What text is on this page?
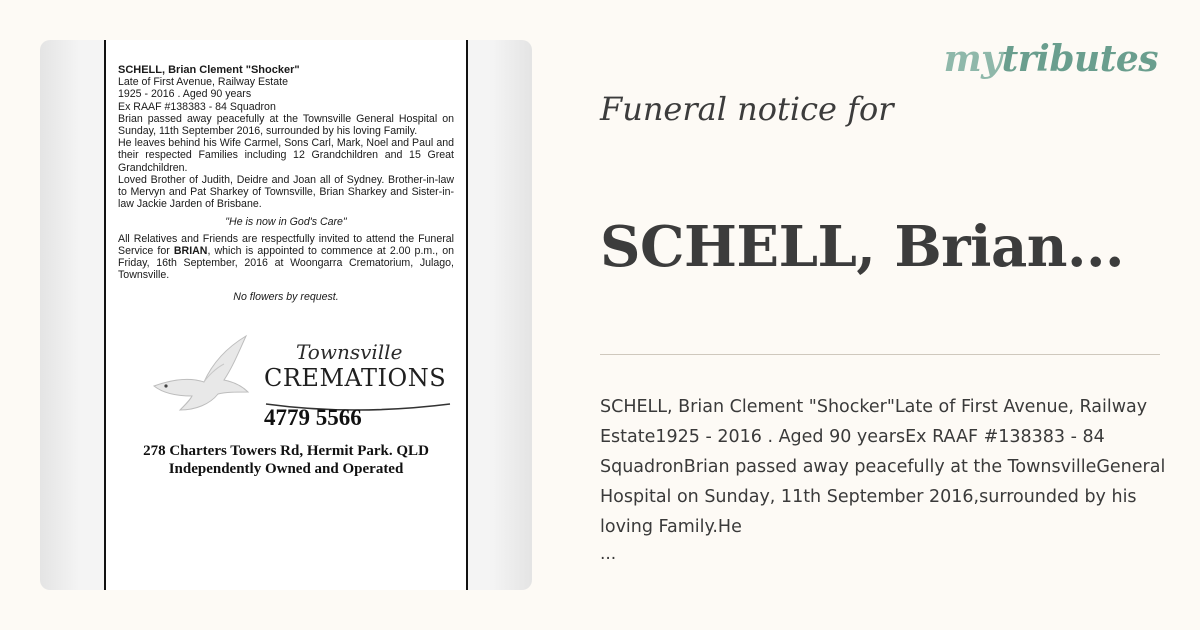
SCHELL, Brian Clement "Shocker"
Late of First Avenue, Railway Estate
1925 - 2016 . Aged 90 years
Ex RAAF #138383 - 84 Squadron
Brian passed away peacefully at the Townsville General Hospital on Sunday, 11th September 2016, surrounded by his loving Family.
He leaves behind his Wife Carmel, Sons Carl, Mark, Noel and Paul and their respected Families including 12 Grandchildren and 15 Great Grandchildren.
Loved Brother of Judith, Deidre and Joan all of Sydney. Brother-in-law to Mervyn and Pat Sharkey of Townsville, Brian Sharkey and Sister-in-law Jackie Jarden of Brisbane.
"He is now in God's Care"
All Relatives and Friends are respectfully invited to attend the Funeral Service for BRIAN, which is appointed to commence at 2.00 p.m., on Friday, 16th September, 2016 at Woongarra Crematorium, Julago, Townsville.
No flowers by request.
Townsville
CREMATIONS
4779 5566
278 Charters Towers Rd, Hermit Park. QLD
Independently Owned and Operated
mytributes
Funeral notice for
SCHELL, Brian...
SCHELL, Brian Clement "Shocker"Late of First Avenue, Railway Estate1925 - 2016 . Aged 90 yearsEx RAAF #138383 - 84 SquadronBrian passed away peacefully at the TownsvilleGeneral Hospital on Sunday, 11th September 2016,surrounded by his loving Family.He
...
